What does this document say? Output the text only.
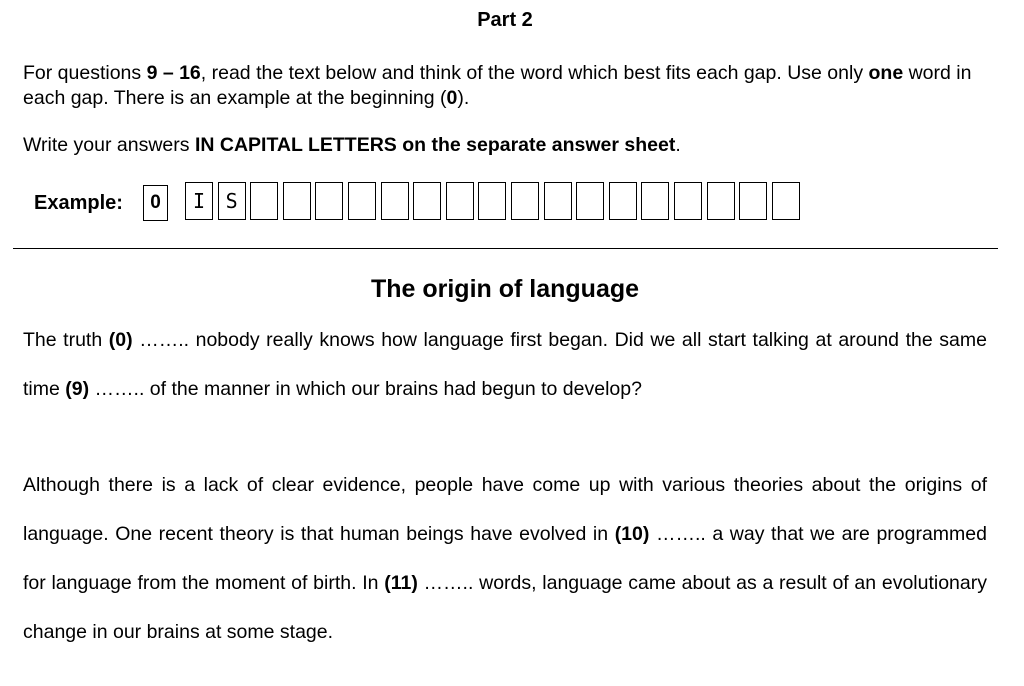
Part 2
For questions 9 – 16, read the text below and think of the word which best fits each gap. Use only one word in each gap. There is an example at the beginning (0).
Write your answers IN CAPITAL LETTERS on the separate answer sheet.
Example:	0	I	S
The origin of language
The truth (0) …….. nobody really knows how language first began. Did we all start talking at around the same time (9) …….. of the manner in which our brains had begun to develop?
Although there is a lack of clear evidence, people have come up with various theories about the origins of language. One recent theory is that human beings have evolved in (10) …….. a way that we are programmed for language from the moment of birth. In (11) …….. words, language came about as a result of an evolutionary change in our brains at some stage.
